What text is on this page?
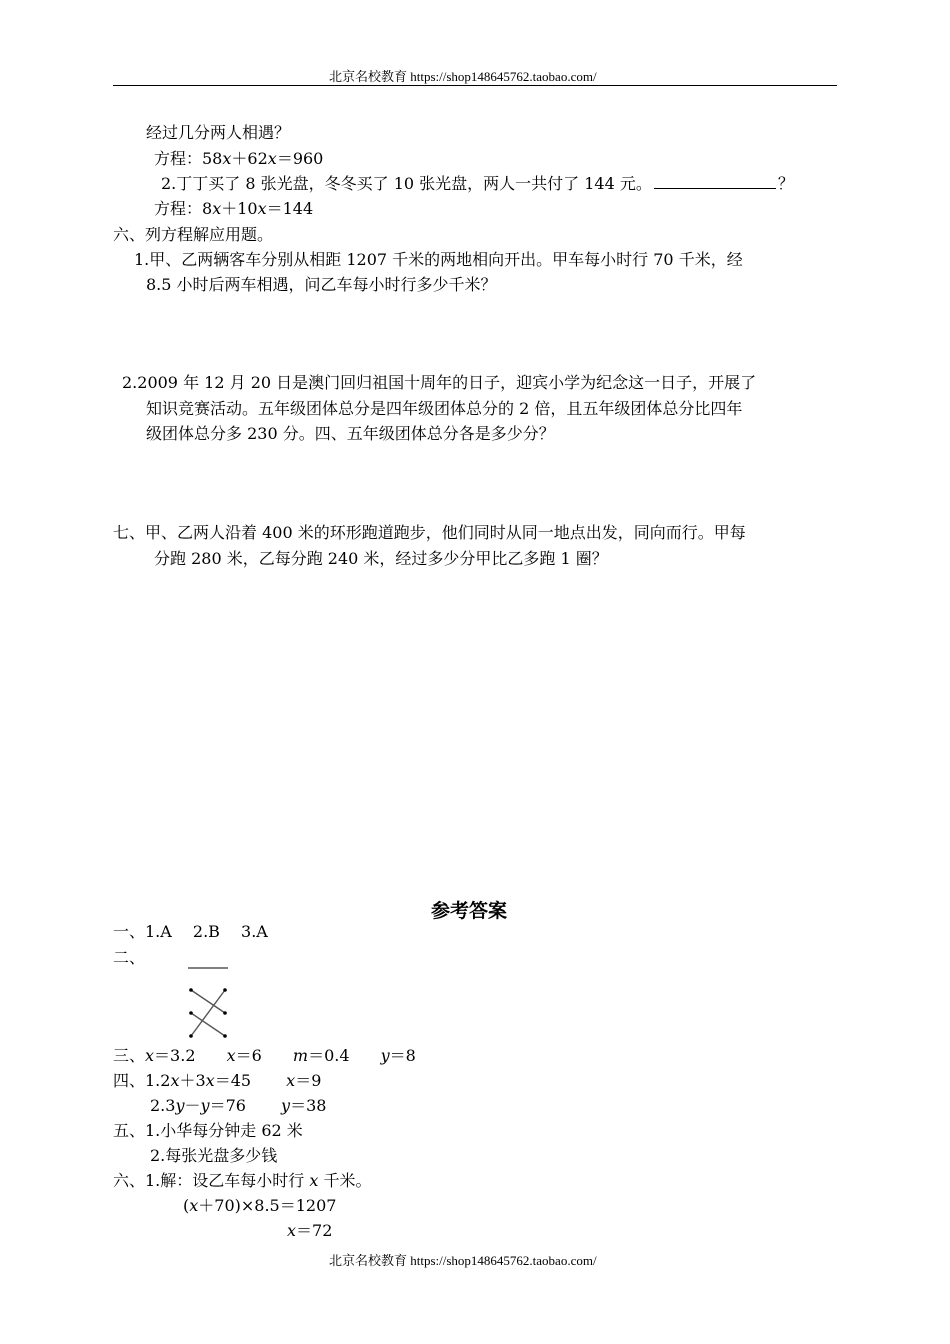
北京名校教育 https://shop148645762.taobao.com/
经过几分两人相遇？
方程：58x＋62x＝960
2.丁丁买了 8 张光盘，冬冬买了 10 张光盘，两人一共付了 144 元。	？
方程：8x＋10x＝144
六、列方程解应用题。
1.甲、乙两辆客车分别从相距 1207 千米的两地相向开出。甲车每小时行 70 千米，经
8.5 小时后两车相遇，问乙车每小时行多少千米？
2.2009 年 12 月 20 日是澳门回归祖国十周年的日子，迎宾小学为纪念这一日子，开展了
知识竞赛活动。五年级团体总分是四年级团体总分的 2 倍，且五年级团体总分比四年
级团体总分多 230 分。四、五年级团体总分各是多少分？
七、甲、乙两人沿着 400 米的环形跑道跑步，他们同时从同一地点出发，同向而行。甲每
分跑 280 米，乙每分跑 240 米，经过多少分甲比乙多跑 1 圈？
参考答案
一、1.A　 2.B　 3.A
二、
三、x＝3.2 x＝6 m＝0.4 y＝8
四、1.2x＋3x＝45 x＝9
2.3y－y＝76 y＝38
五、1.小华每分钟走 62 米
2.每张光盘多少钱
六、1.解：设乙车每小时行 x 千米。
(x＋70)×8.5＝1207
x＝72
北京名校教育 https://shop148645762.taobao.com/
